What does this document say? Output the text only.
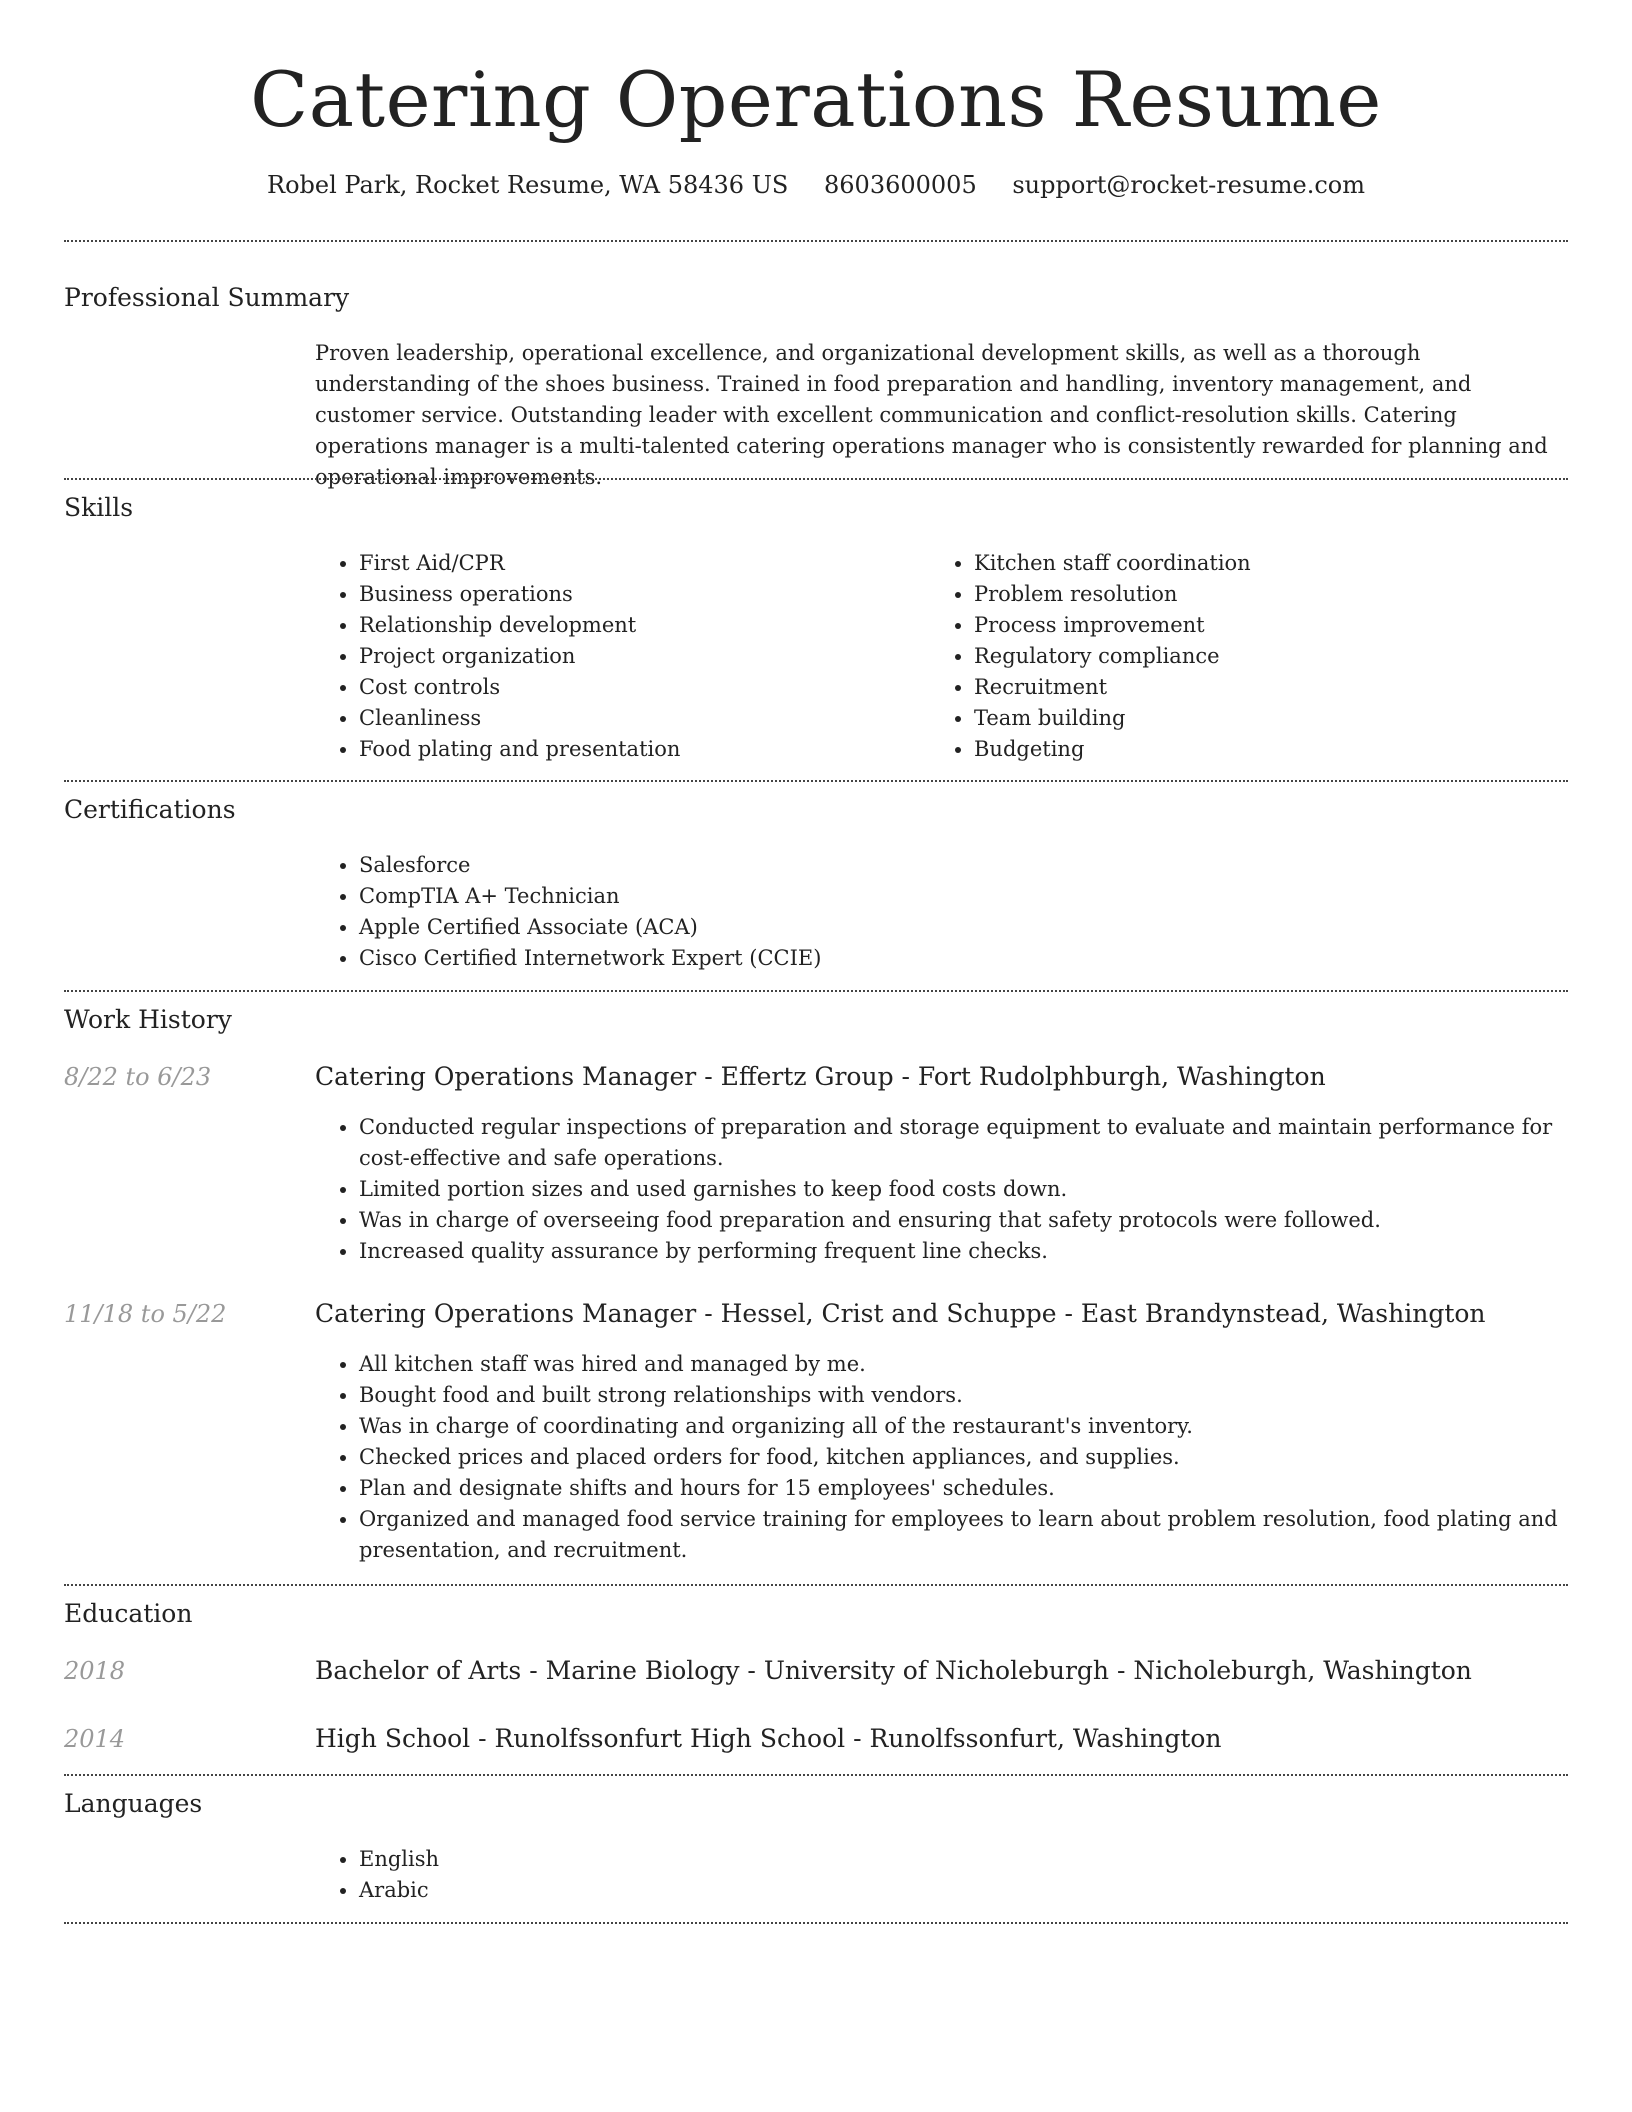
Catering Operations Resume
Robel Park, Rocket Resume, WA 58436 US 8603600005 support@rocket-resume.com
Professional Summary

Proven leadership, operational excellence, and organizational development skills, as well as a thorough understanding of the shoes business. Trained in food preparation and handling, inventory management, and customer service. Outstanding leader with excellent communication and conflict-resolution skills. Catering operations manager is a multi-talented catering operations manager who is consistently rewarded for planning and operational improvements.

Skills
• First Aid/CPR
• Business operations
• Relationship development
• Project organization
• Cost controls
• Cleanliness
• Food plating and presentation
• Kitchen staff coordination
• Problem resolution
• Process improvement
• Regulatory compliance
• Recruitment
• Team building
• Budgeting
Certifications
• Salesforce
• CompTIA A+ Technician
• Apple Certified Associate (ACA)
• Cisco Certified Internetwork Expert (CCIE)
Work History
8/22 to 6/23	Catering Operations Manager - Effertz Group - Fort Rudolphburgh, Washington
• Conducted regular inspections of preparation and storage equipment to evaluate and maintain performance for cost-effective and safe operations.
• Limited portion sizes and used garnishes to keep food costs down.
• Was in charge of overseeing food preparation and ensuring that safety protocols were followed.
• Increased quality assurance by performing frequent line checks.
11/18 to 5/22	Catering Operations Manager - Hessel, Crist and Schuppe - East Brandynstead, Washington
• All kitchen staff was hired and managed by me.
• Bought food and built strong relationships with vendors.
• Was in charge of coordinating and organizing all of the restaurant's inventory.
• Checked prices and placed orders for food, kitchen appliances, and supplies.
• Plan and designate shifts and hours for 15 employees' schedules.
• Organized and managed food service training for employees to learn about problem resolution, food plating and presentation, and recruitment.
Education
2018	Bachelor of Arts - Marine Biology - University of Nicholeburgh - Nicholeburgh, Washington
2014	High School - Runolfssonfurt High School - Runolfssonfurt, Washington
Languages
• English
• Arabic
